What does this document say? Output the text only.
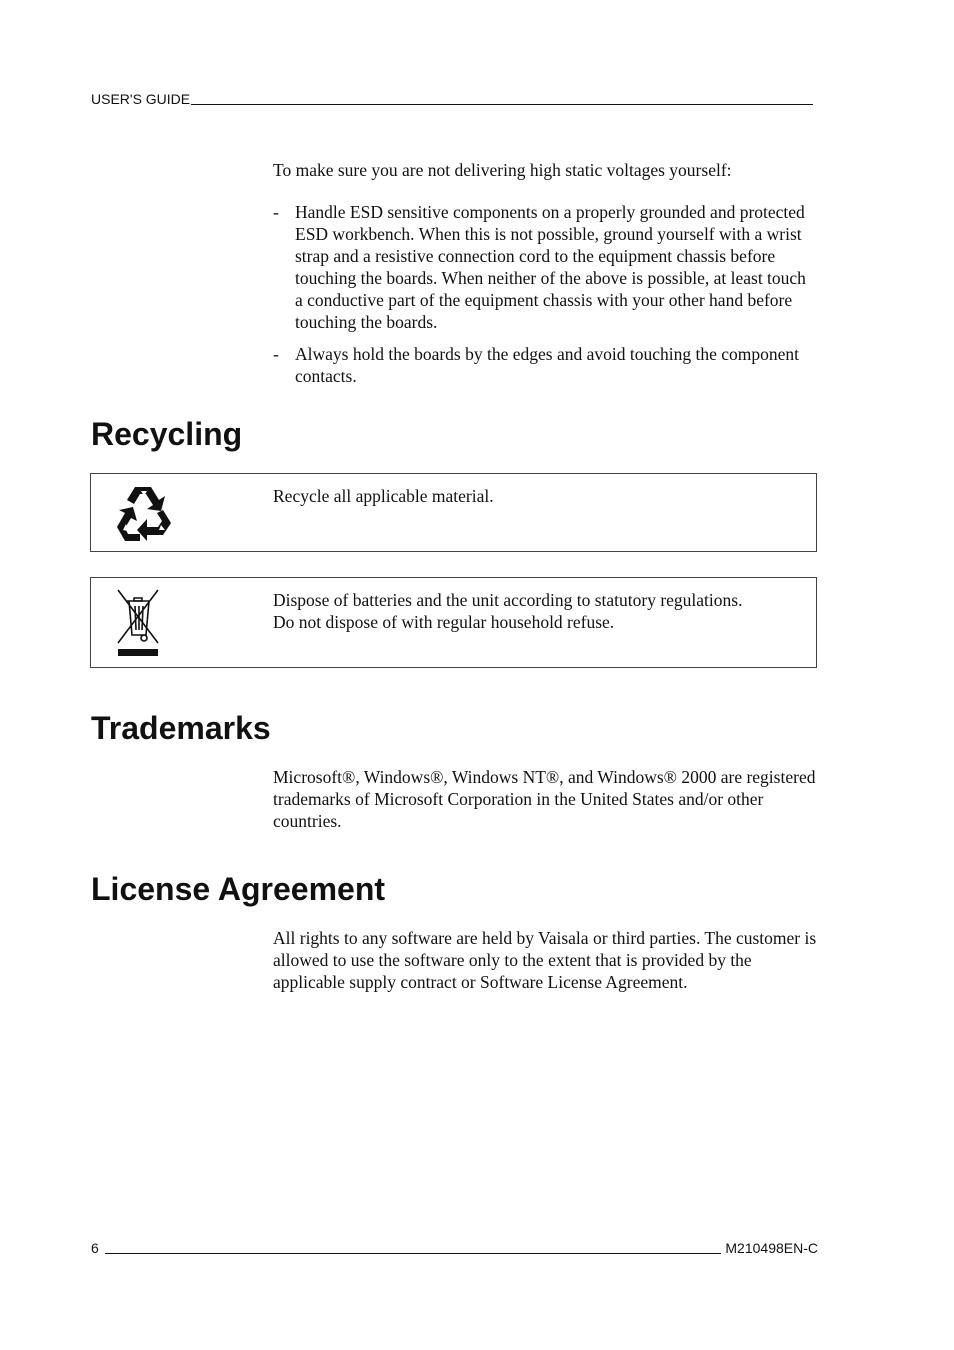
USER'S GUIDE

To make sure you are not delivering high static voltages yourself:

- Handle ESD sensitive components on a properly grounded and protected ESD workbench. When this is not possible, ground yourself with a wrist strap and a resistive connection cord to the equipment chassis before touching the boards. When neither of the above is possible, at least touch a conductive part of the equipment chassis with your other hand before touching the boards.
- Always hold the boards by the edges and avoid touching the component contacts.
Recycling

Recycle all applicable material.

Dispose of batteries and the unit according to statutory regulations.
Do not dispose of with regular household refuse.

Trademarks

Microsoft®, Windows®, Windows NT®, and Windows® 2000 are registered trademarks of Microsoft Corporation in the United States and/or other countries.

License Agreement

All rights to any software are held by Vaisala or third parties. The customer is allowed to use the software only to the extent that is provided by the applicable supply contract or Software License Agreement.

6	M210498EN-C
